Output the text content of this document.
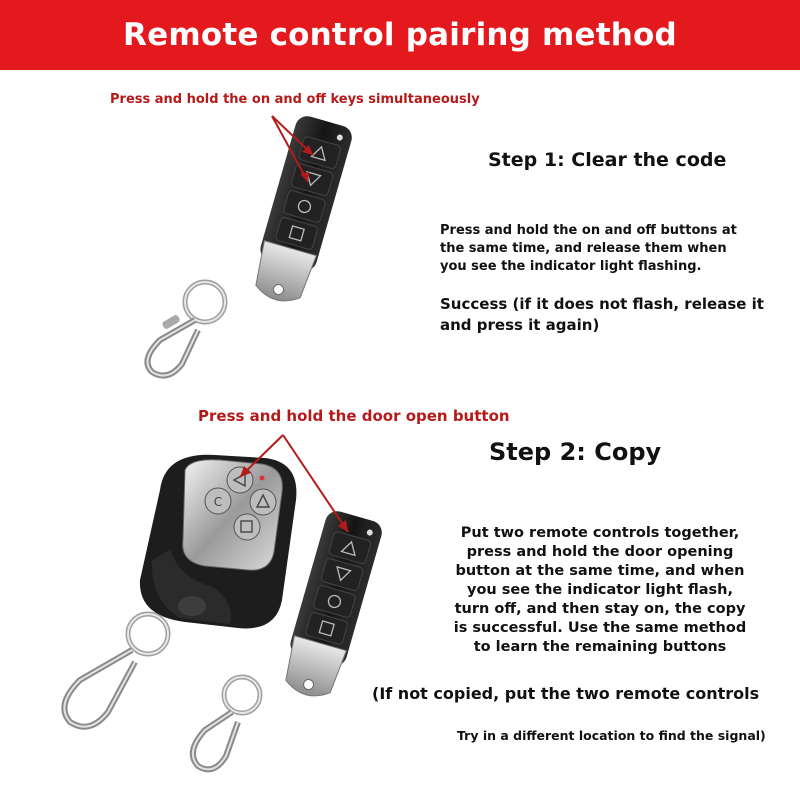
Remote control pairing method
C
Press and hold the on and off keys simultaneously
Step 1: Clear the code
Press and hold the on and off buttons at
the same time, and release them when
you see the indicator light flashing.
Success (if it does not flash, release it
and press it again)
Press and hold the door open button
Step 2: Copy
Put two remote controls together,
press and hold the door opening
button at the same time, and when
you see the indicator light flash,
turn off, and then stay on, the copy
is successful. Use the same method
to learn the remaining buttons
(If not copied, put the two remote controls
Try in a different location to find the signal)
